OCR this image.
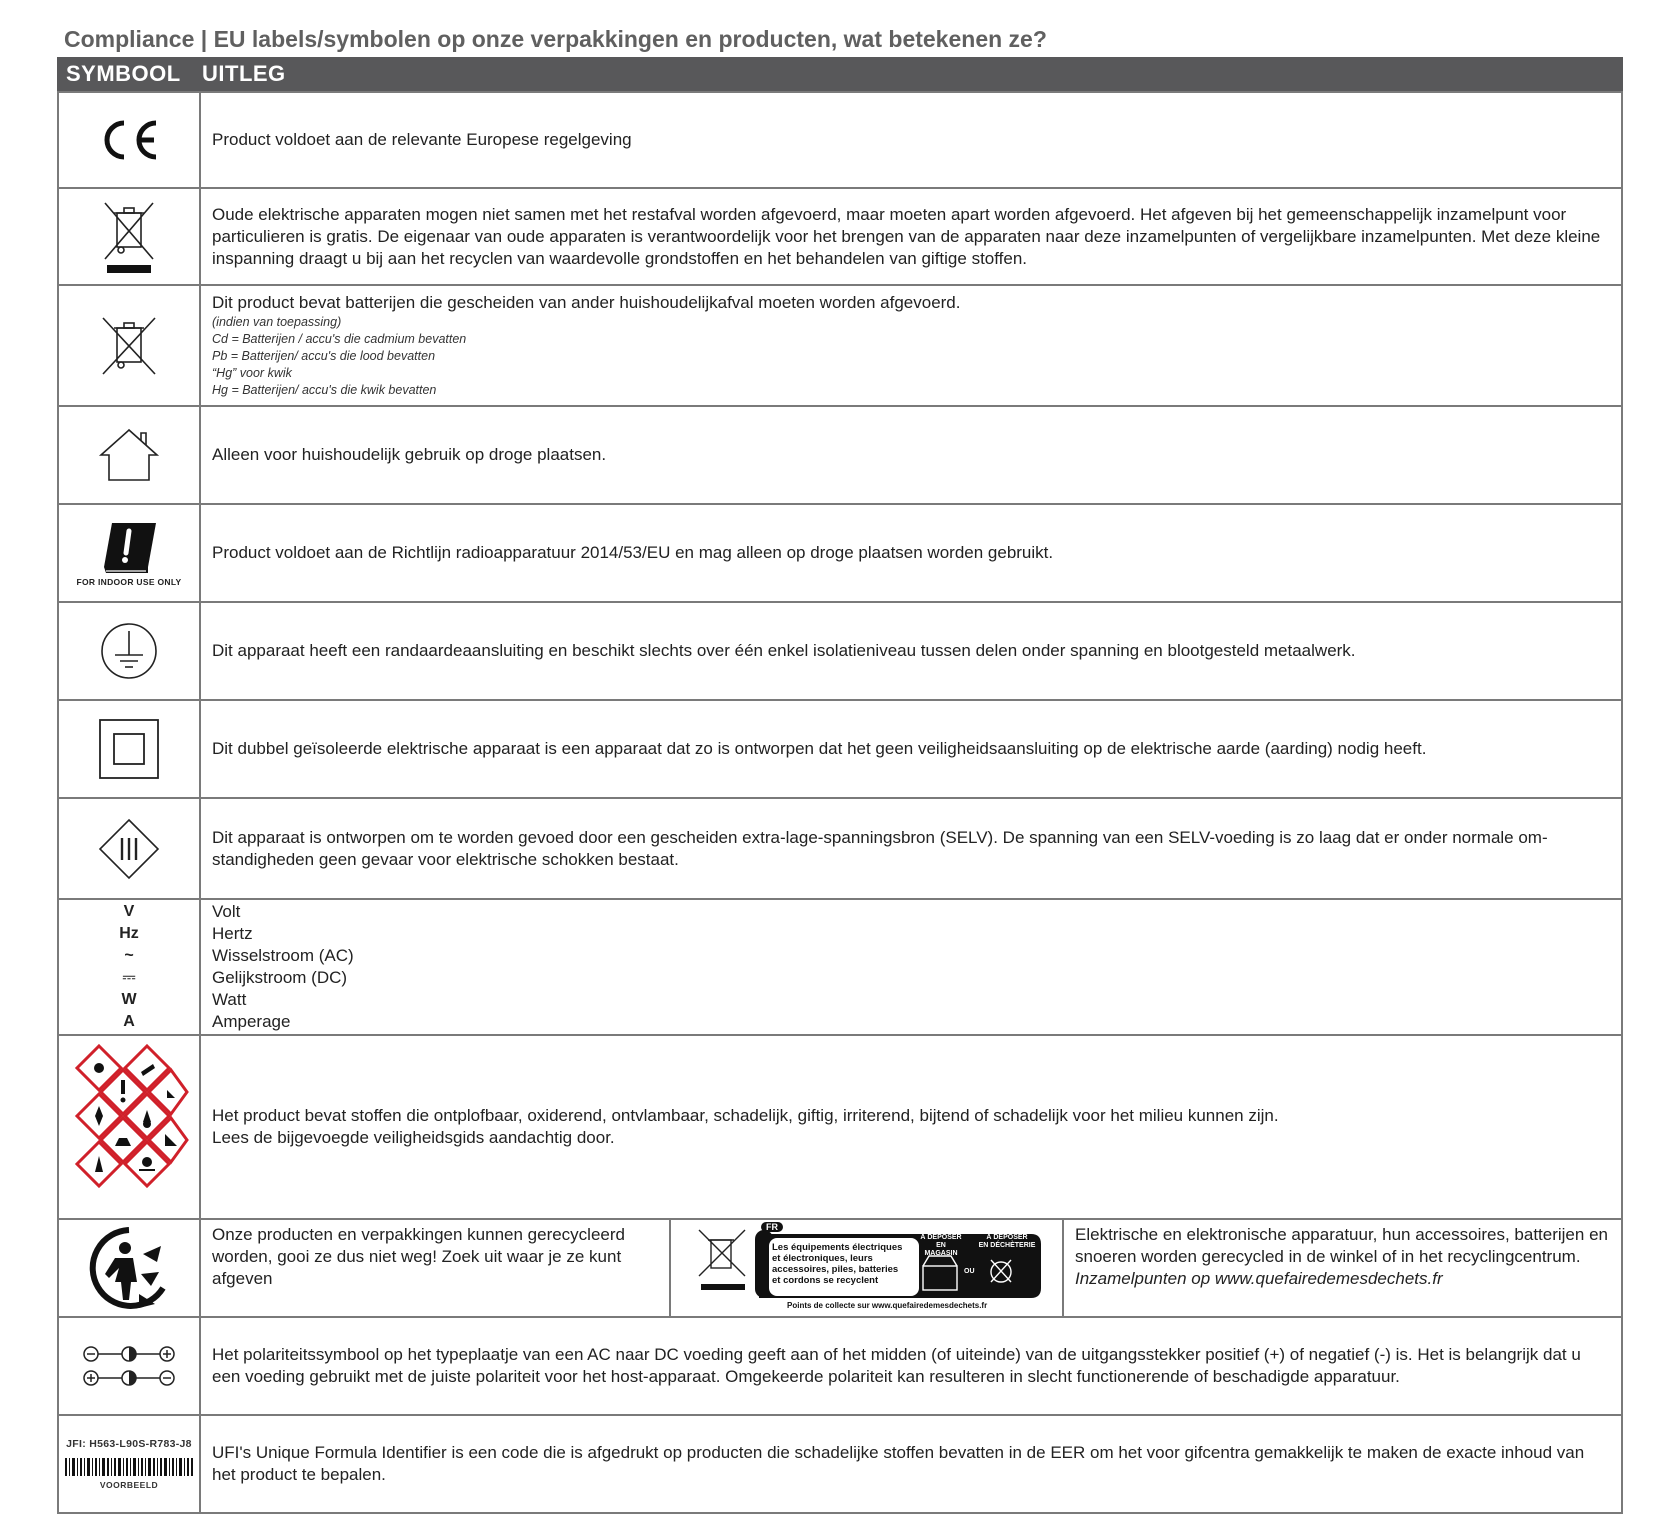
Compliance | EU labels/symbolen op onze verpakkingen en producten, wat betekenen ze?
SYMBOOL UITLEG
Product voldoet aan de relevante Europese regelgeving
Oude elektrische apparaten mogen niet samen met het restafval worden afgevoerd, maar moeten apart worden afgevoerd. Het afgeven bij het gemeenschappelijk inzamelpunt voor particulieren is gratis. De eigenaar van oude apparaten is verantwoordelijk voor het brengen van de apparaten naar deze inzamelpunten of vergelijkbare inzamelpunten. Met deze kleine inspanning draagt u bij aan het recyclen van waardevolle grondstoffen en het behandelen van giftige stoffen.
Dit product bevat batterijen die gescheiden van ander huishoudelijkafval moeten worden afgevoerd.
(indien van toepassing)
Cd = Batterijen / accu's die cadmium bevatten
Pb = Batterijen/ accu's die lood bevatten
“Hg” voor kwik
Hg = Batterijen/ accu's die kwik bevatten
Alleen voor huishoudelijk gebruik op droge plaatsen.
FOR INDOOR USE ONLY
Product voldoet aan de Richtlijn radioapparatuur 2014/53/EU en mag alleen op droge plaatsen worden gebruikt.
Dit apparaat heeft een randaardeaansluiting en beschikt slechts over één enkel isolatieniveau tussen delen onder spanning en blootgesteld metaalwerk.
Dit dubbel geïsoleerde elektrische apparaat is een apparaat dat zo is ontworpen dat het geen veiligheidsaansluiting op de elektrische aarde (aarding) nodig heeft.
Dit apparaat is ontworpen om te worden gevoed door een gescheiden extra-lage-spanningsbron (SELV). De spanning van een SELV-voeding is zo laag dat er onder normale om- standigheden geen gevaar voor elektrische schokken bestaat.
V
Hz
~
⎓
W
A
Volt
Hertz
Wisselstroom (AC)
Gelijkstroom (DC)
Watt
Amperage
Het product bevat stoffen die ontplofbaar, oxiderend, ontvlambaar, schadelijk, giftig, irriterend, bijtend of schadelijk voor het milieu kunnen zijn.
Lees de bijgevoegde veiligheidsgids aandachtig door.
Onze producten en verpakkingen kunnen gerecycleerd worden, gooi ze dus niet weg! Zoek uit waar je ze kunt afgeven
FR
Les équipements électriques
et électroniques, leurs
accessoires, piles, batteries
et cordons se recyclent
À DÉPOSER
EN MAGASIN
OU
À DÉPOSER
EN DÉCHÈTERIE
Points de collecte sur www.quefairedemesdechets.fr
Elektrische en elektronische apparatuur, hun accessoires, batterijen en snoeren worden gerecycled in de winkel of in het recyclingcentrum. Inzamelpunten op www.quefairedemesdechets.fr
Het polariteitssymbool op het typeplaatje van een AC naar DC voeding geeft aan of het midden (of uiteinde) van de uitgangsstekker positief (+) of negatief (-) is. Het is belangrijk dat u een voeding gebruikt met de juiste polariteit voor het host-apparaat. Omgekeerde polariteit kan resulteren in slecht functionerende of beschadigde apparatuur.
JFI: H563-L90S-R783-J8
VOORBEELD
UFI's Unique Formula Identifier is een code die is afgedrukt op producten die schadelijke stoffen bevatten in de EER om het voor gifcentra gemakkelijk te maken de exacte inhoud van het product te bepalen.
